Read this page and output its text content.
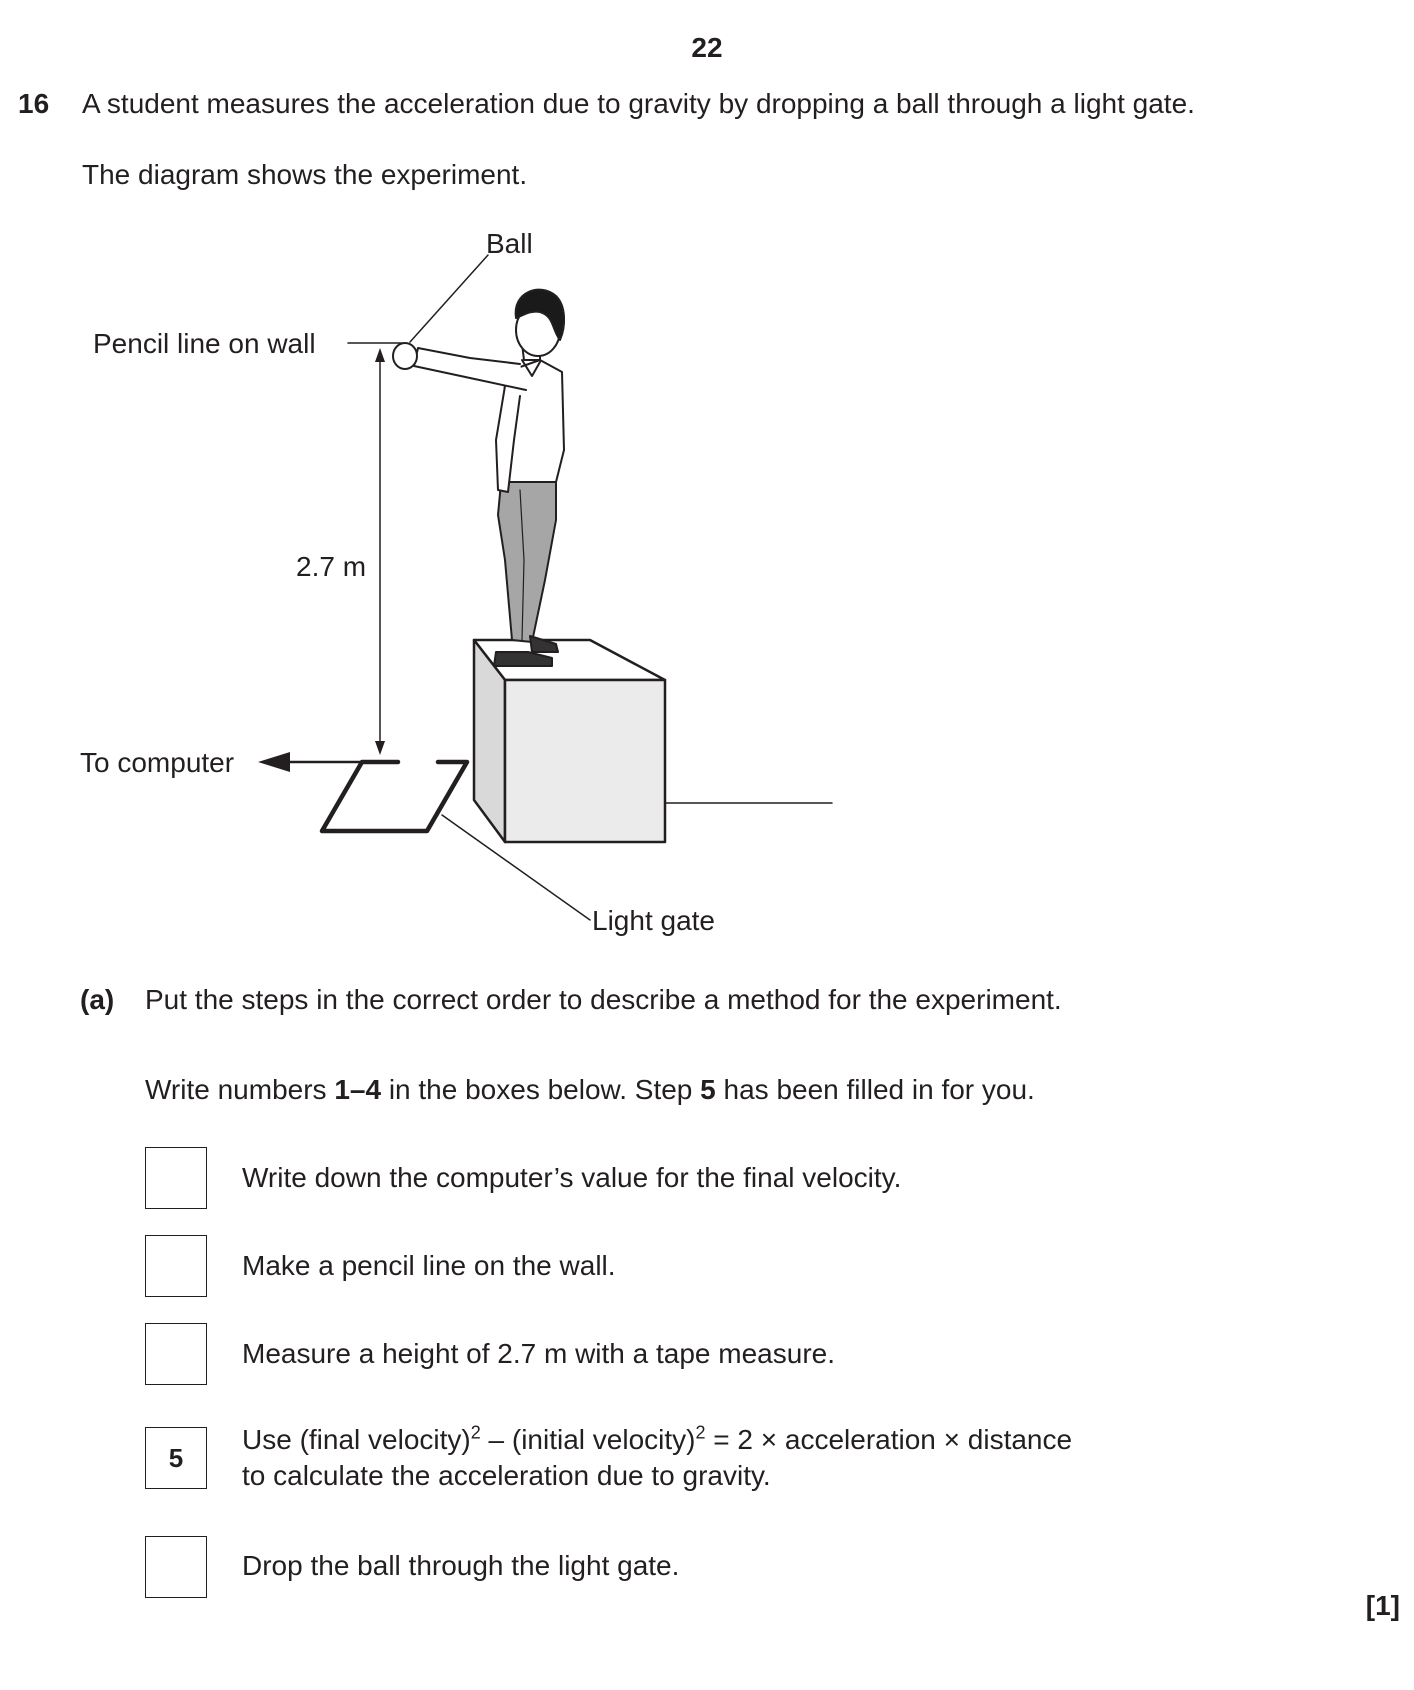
22
16 A student measures the acceleration due to gravity by dropping a ball through a light gate.
The diagram shows the experiment.
Ball
Pencil line on wall
2.7 m
To computer
Light gate
(a) Put the steps in the correct order to describe a method for the experiment.
Write numbers 1–4 in the boxes below. Step 5 has been filled in for you.
Write down the computer’s value for the final velocity.
Make a pencil line on the wall.
Measure a height of 2.7 m with a tape measure.
5
Use (final velocity)$^2$ – (initial velocity)$^2$ = 2 × acceleration × distance
to calculate the acceleration due to gravity.
Drop the ball through the light gate.
[1]
